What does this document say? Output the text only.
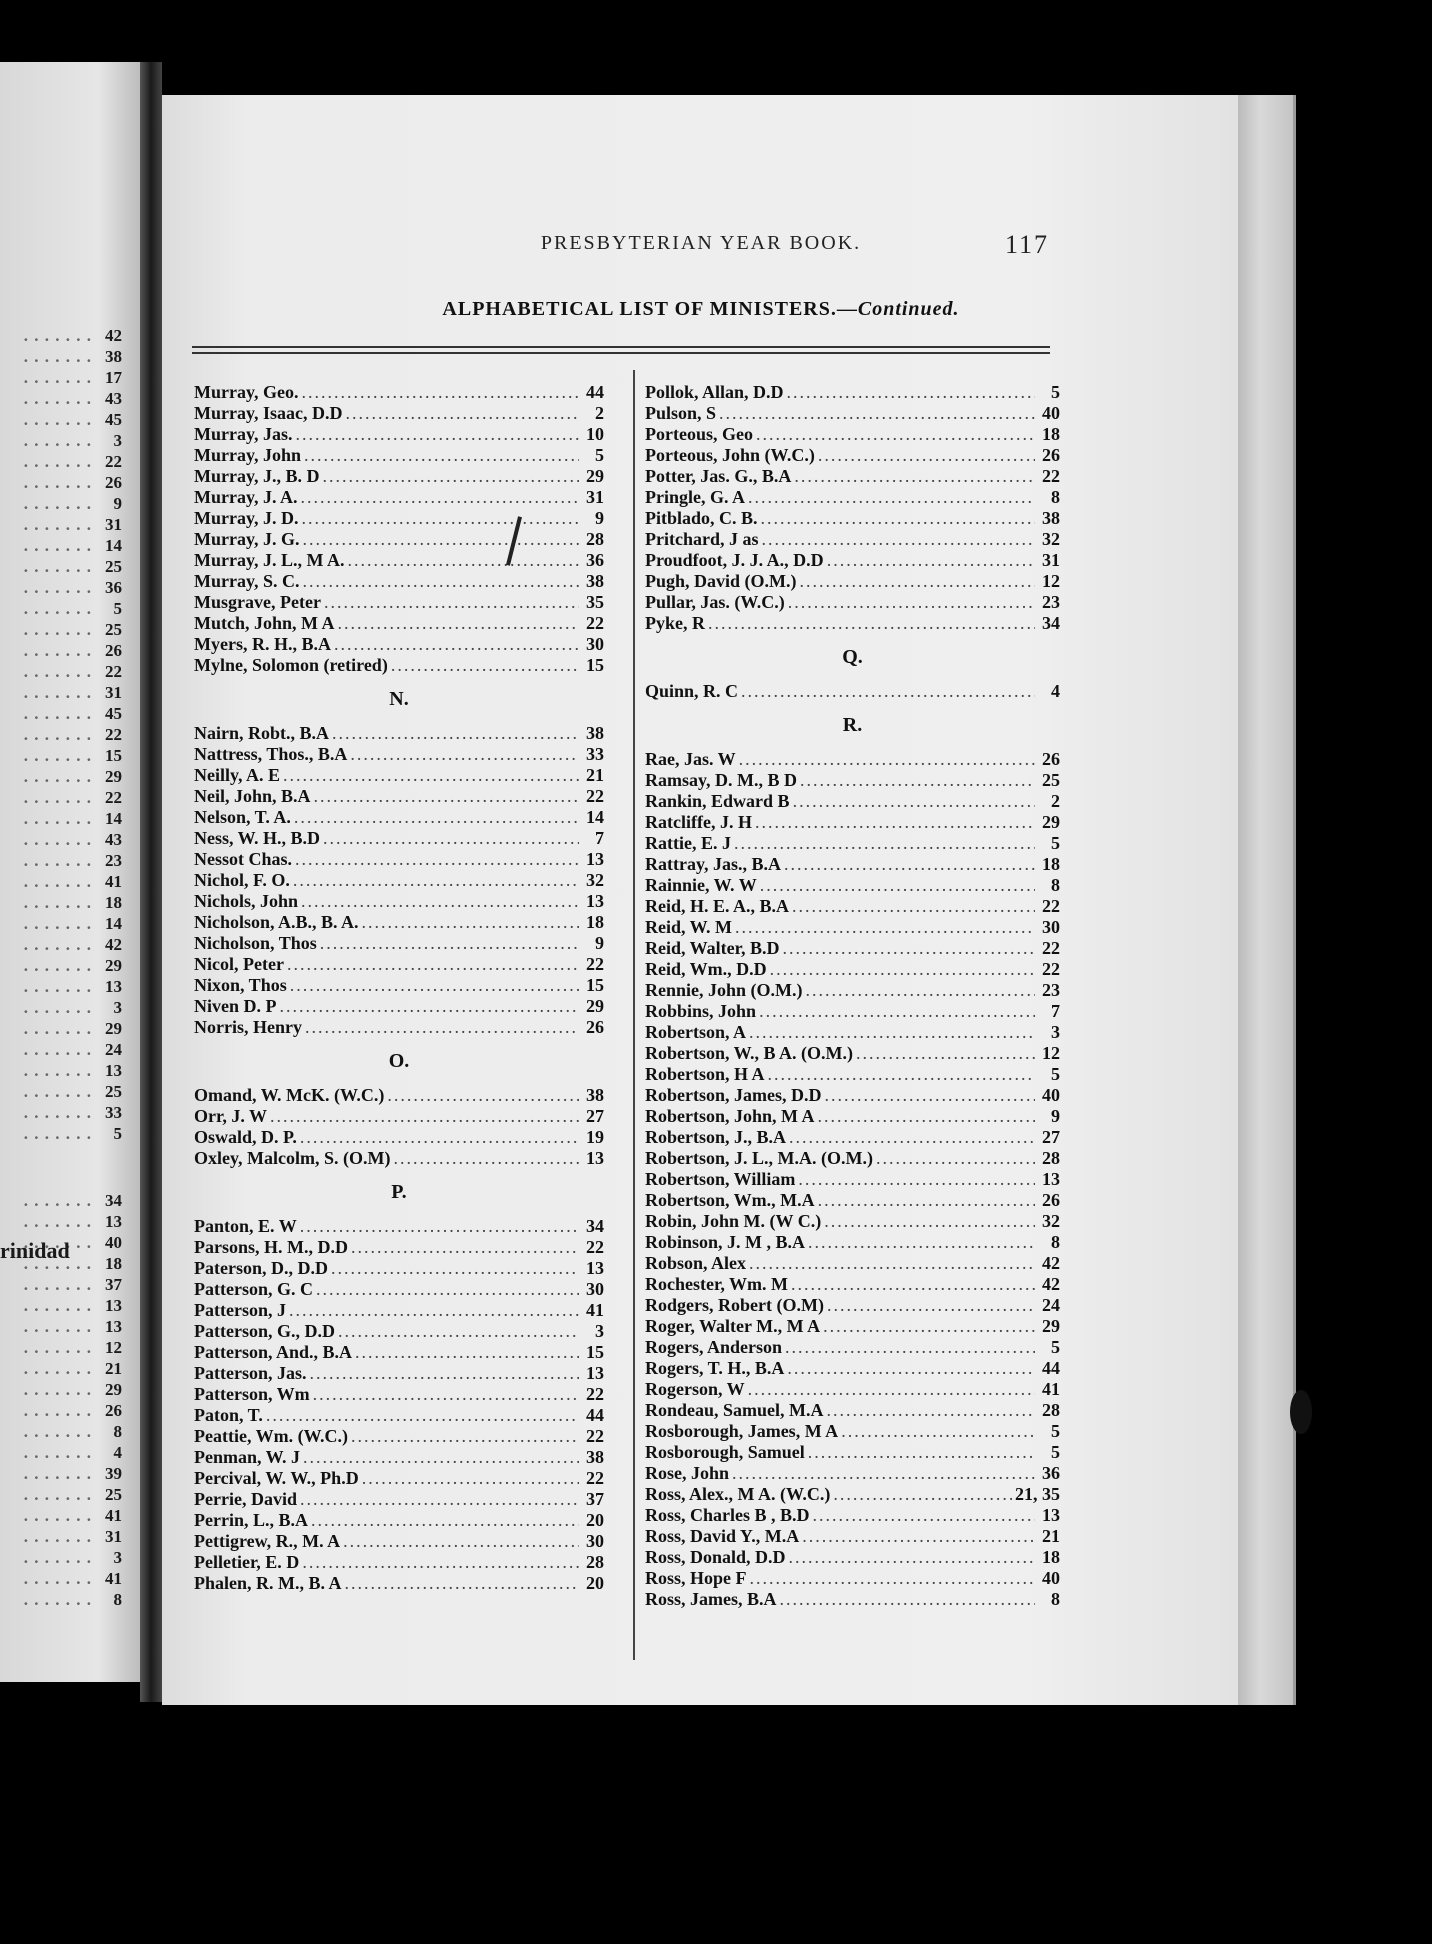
. . . 42
. . . 38
. . . 17
. . . 43
. . . 45
. . . 3
. . . 22
. . . 26
. . . 9
. . . 31
. . . 14
. . . 25
. . . 36
. . . 5
. . . 25
. . . 26
. . . 22
. . . 31
. . . 45
. . . 22
. . . 15
. . . 29
. . . 22
. . . 14
. . . 43
. . . 23
. . . 41
. . . 18
. . . 14
. . . 42
. . . 29
. . . 13
. . . 3
. . . 29
. . . 24
. . . 13
. . . 25
. . . 33
. . . 5
. . . 34
. . . 13
. . . 40
. . . 18
. . . 37
. . . 13
. . . 13
. . . 12
. . . 21
. . . 29
. . . 26
. . . 8
. . . 4
. . . 39
. . . 25
. . . 41
. . . 31
. . . 3
. . . 41
. . . 8
rinidad
PRESBYTERIAN YEAR BOOK.	117
ALPHABETICAL LIST OF MINISTERS.—Continued.
Murray, Geo. .....	44
Murray, Isaac, D.D .....	2
Murray, Jas. .....	10
Murray, John .....	5
Murray, J., B. D .....	29
Murray, J. A. .....	31
Murray, J. D. .....	9
Murray, J. G. .....	28
Murray, J. L., M A. .....	36
Murray, S. C. .....	38
Musgrave, Peter .....	35
Mutch, John, M A .....	22
Myers, R. H., B.A .....	30
Mylne, Solomon (retired) .....	15
N.
Nairn, Robt., B.A .....	38
Nattress, Thos., B.A .....	33
Neilly, A. E .....	21
Neil, John, B.A .....	22
Nelson, T. A. .....	14
Ness, W. H., B.D .....	7
Nessot Chas. .....	13
Nichol, F. O. .....	32
Nichols, John .....	13
Nicholson, A.B., B. A. .....	18
Nicholson, Thos .....	9
Nicol, Peter .....	22
Nixon, Thos .....	15
Niven D. P .....	29
Norris, Henry .....	26
O.
Omand, W. McK. (W.C.) .....	38
Orr, J. W .....	27
Oswald, D. P. .....	19
Oxley, Malcolm, S. (O.M) .....	13
P.
Panton, E. W .....	34
Parsons, H. M., D.D .....	22
Paterson, D., D.D .....	13
Patterson, G. C .....	30
Patterson, J .....	41
Patterson, G., D.D .....	3
Patterson, And., B.A .....	15
Patterson, Jas. .....	13
Patterson, Wm .....	22
Paton, T. .....	44
Peattie, Wm. (W.C.) .....	22
Penman, W. J .....	38
Percival, W. W., Ph.D .....	22
Perrie, David .....	37
Perrin, L., B.A .....	20
Pettigrew, R., M. A .....	30
Pelletier, E. D .....	28
Phalen, R. M., B. A .....	20
Pollok, Allan, D.D .....	5
Pulson, S .....	40
Porteous, Geo .....	18
Porteous, John (W.C.) .....	26
Potter, Jas. G., B.A .....	22
Pringle, G. A .....	8
Pitblado, C. B. .....	38
Pritchard, J as .....	32
Proudfoot, J. J. A., D.D .....	31
Pugh, David (O.M.) .....	12
Pullar, Jas. (W.C.) .....	23
Pyke, R .....	34
Q.
Quinn, R. C .....	4
R.
Rae, Jas. W .....	26
Ramsay, D. M., B D .....	25
Rankin, Edward B .....	2
Ratcliffe, J. H .....	29
Rattie, E. J .....	5
Rattray, Jas., B.A .....	18
Rainnie, W. W .....	8
Reid, H. E. A., B.A .....	22
Reid, W. M .....	30
Reid, Walter, B.D .....	22
Reid, Wm., D.D .....	22
Rennie, John (O.M.) .....	23
Robbins, John .....	7
Robertson, A .....	3
Robertson, W., B A. (O.M.) .....	12
Robertson, H A .....	5
Robertson, James, D.D .....	40
Robertson, John, M A .....	9
Robertson, J., B.A .....	27
Robertson, J. L., M.A. (O.M.) .....	28
Robertson, William .....	13
Robertson, Wm., M.A .....	26
Robin, John M. (W C.) .....	32
Robinson, J. M , B.A .....	8
Robson, Alex .....	42
Rochester, Wm. M .....	42
Rodgers, Robert (O.M) .....	24
Roger, Walter M., M A .....	29
Rogers, Anderson .....	5
Rogers, T. H., B.A .....	44
Rogerson, W .....	41
Rondeau, Samuel, M.A .....	28
Rosborough, James, M A .....	5
Rosborough, Samuel .....	5
Rose, John .....	36
Ross, Alex., M A. (W.C.) .....	21, 35
Ross, Charles B , B.D .....	13
Ross, David Y., M.A .....	21
Ross, Donald, D.D .....	18
Ross, Hope F .....	40
Ross, James, B.A .....	8
